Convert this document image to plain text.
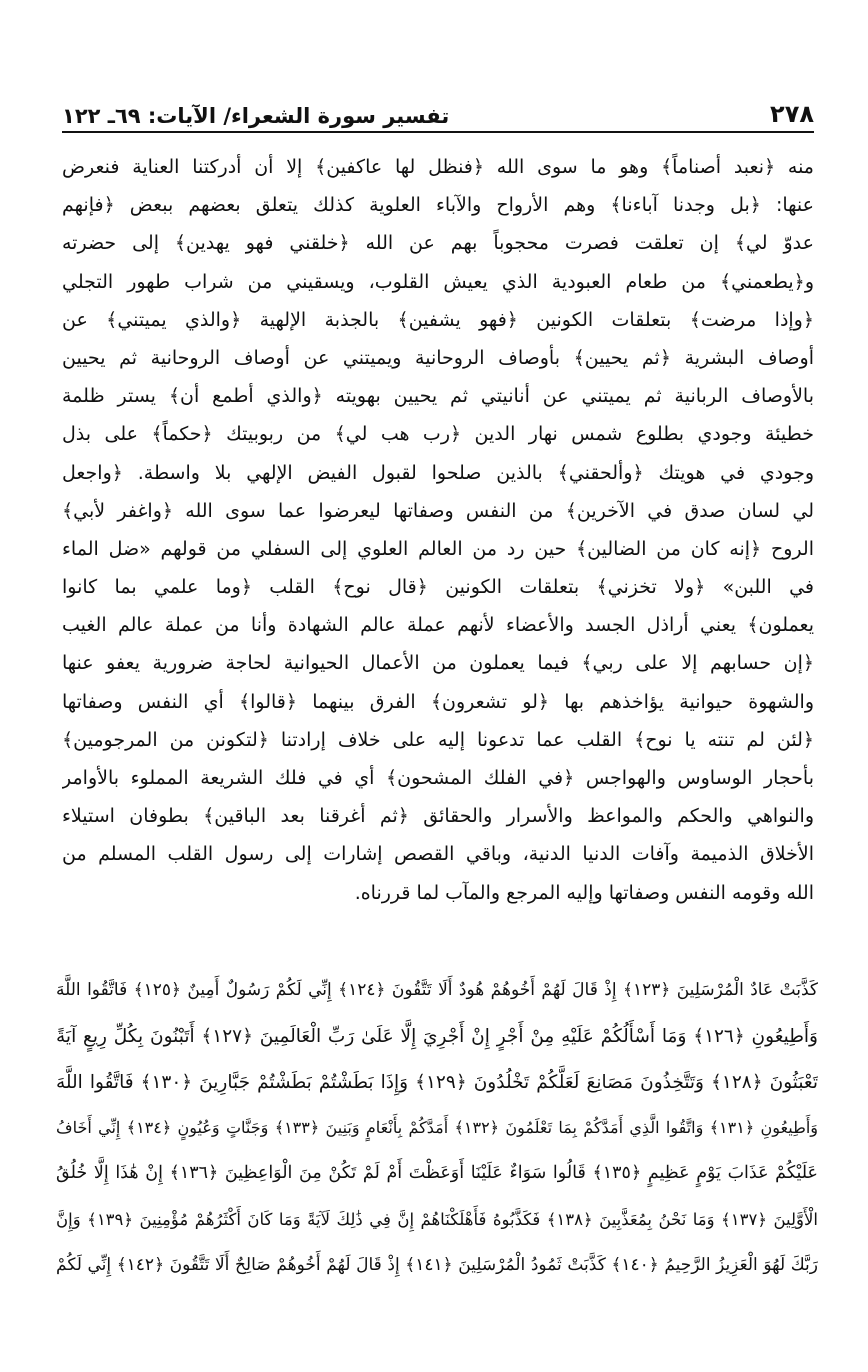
٢٧٨
تفسير سورة الشعراء/ الآيات: ٦٩ـ ١٢٢
منه ﴿نعبد أصناماً﴾ وهو ما سوى الله ﴿فنظل لها عاكفين﴾ إلا أن أدركتنا العناية فنعرض
عنها: ﴿بل وجدنا آباءنا﴾ وهم الأرواح والآباء العلوية كذلك يتعلق بعضهم ببعض ﴿فإنهم
عدوّ لي﴾ إن تعلقت فصرت محجوباً بهم عن الله ﴿خلقني فهو يهدين﴾ إلى حضرته
و﴿يطعمني﴾ من طعام العبودية الذي يعيش القلوب، ويسقيني من شراب طهور التجلي
﴿وإذا مرضت﴾ بتعلقات الكونين ﴿فهو يشفين﴾ بالجذبة الإلهية ﴿والذي يميتني﴾ عن
أوصاف البشرية ﴿ثم يحيين﴾ بأوصاف الروحانية ويميتني عن أوصاف الروحانية ثم يحيين
بالأوصاف الربانية ثم يميتني عن أنانيتي ثم يحيين بهويته ﴿والذي أطمع أن﴾ يستر ظلمة
خطيئة وجودي بطلوع شمس نهار الدين ﴿رب هب لي﴾ من ربوبيتك ﴿حكماً﴾ على بذل
وجودي في هويتك ﴿وألحقني﴾ بالذين صلحوا لقبول الفيض الإلهي بلا واسطة. ﴿واجعل
لي لسان صدق في الآخرين﴾ من النفس وصفاتها ليعرضوا عما سوى الله ﴿واغفر لأبي﴾
الروح ﴿إنه كان من الضالين﴾ حين رد من العالم العلوي إلى السفلي من قولهم «ضل الماء
في اللبن» ﴿ولا تخزني﴾ بتعلقات الكونين ﴿قال نوح﴾ القلب ﴿وما علمي بما كانوا
يعملون﴾ يعني أراذل الجسد والأعضاء لأنهم عملة عالم الشهادة وأنا من عملة عالم الغيب
﴿إن حسابهم إلا على ربي﴾ فيما يعملون من الأعمال الحيوانية لحاجة ضرورية يعفو عنها
والشهوة حيوانية يؤاخذهم بها ﴿لو تشعرون﴾ الفرق بينهما ﴿قالوا﴾ أي النفس وصفاتها
﴿لئن لم تنته يا نوح﴾ القلب عما تدعونا إليه على خلاف إرادتنا ﴿لتكونن من المرجومين﴾
بأحجار الوساوس والهواجس ﴿في الفلك المشحون﴾ أي في فلك الشريعة المملوء بالأوامر
والنواهي والحكم والمواعظ والأسرار والحقائق ﴿ثم أغرقنا بعد الباقين﴾ بطوفان استيلاء
الأخلاق الذميمة وآفات الدنيا الدنية، وباقي القصص إشارات إلى رسول القلب المسلم من
الله وقومه النفس وصفاتها وإليه المرجع والمآب لما قررناه.
كَذَّبَتْ عَادٌ الْمُرْسَلِينَ ﴿١٢٣﴾ إِذْ قَالَ لَهُمْ أَخُوهُمْ هُودٌ أَلَا تَتَّقُونَ ﴿١٢٤﴾ إِنِّي لَكُمْ رَسُولٌ أَمِينٌ ﴿١٢٥﴾ فَاتَّقُوا اللَّهَ
وَأَطِيعُونِ ﴿١٢٦﴾ وَمَا أَسْأَلُكُمْ عَلَيْهِ مِنْ أَجْرٍ إِنْ أَجْرِيَ إِلَّا عَلَىٰ رَبِّ الْعَالَمِينَ ﴿١٢٧﴾ أَتَبْنُونَ بِكُلِّ رِيعٍ آيَةً
تَعْبَثُونَ ﴿١٢٨﴾ وَتَتَّخِذُونَ مَصَانِعَ لَعَلَّكُمْ تَخْلُدُونَ ﴿١٢٩﴾ وَإِذَا بَطَشْتُمْ بَطَشْتُمْ جَبَّارِينَ ﴿١٣٠﴾ فَاتَّقُوا اللَّهَ
وَأَطِيعُونِ ﴿١٣١﴾ وَاتَّقُوا الَّذِي أَمَدَّكُمْ بِمَا تَعْلَمُونَ ﴿١٣٢﴾ أَمَدَّكُمْ بِأَنْعَامٍ وَبَنِينَ ﴿١٣٣﴾ وَجَنَّاتٍ وَعُيُونٍ ﴿١٣٤﴾ إِنِّي أَخَافُ
عَلَيْكُمْ عَذَابَ يَوْمٍ عَظِيمٍ ﴿١٣٥﴾ قَالُوا سَوَاءٌ عَلَيْنَا أَوَعَظْتَ أَمْ لَمْ تَكُنْ مِنَ الْوَاعِظِينَ ﴿١٣٦﴾ إِنْ هَٰذَا إِلَّا خُلُقُ
الْأَوَّلِينَ ﴿١٣٧﴾ وَمَا نَحْنُ بِمُعَذَّبِينَ ﴿١٣٨﴾ فَكَذَّبُوهُ فَأَهْلَكْنَاهُمْ إِنَّ فِي ذَٰلِكَ لَآيَةً وَمَا كَانَ أَكْثَرُهُمْ مُؤْمِنِينَ ﴿١٣٩﴾ وَإِنَّ
رَبَّكَ لَهُوَ الْعَزِيزُ الرَّحِيمُ ﴿١٤٠﴾ كَذَّبَتْ ثَمُودُ الْمُرْسَلِينَ ﴿١٤١﴾ إِذْ قَالَ لَهُمْ أَخُوهُمْ صَالِحٌ أَلَا تَتَّقُونَ ﴿١٤٢﴾ إِنِّي لَكُمْ
